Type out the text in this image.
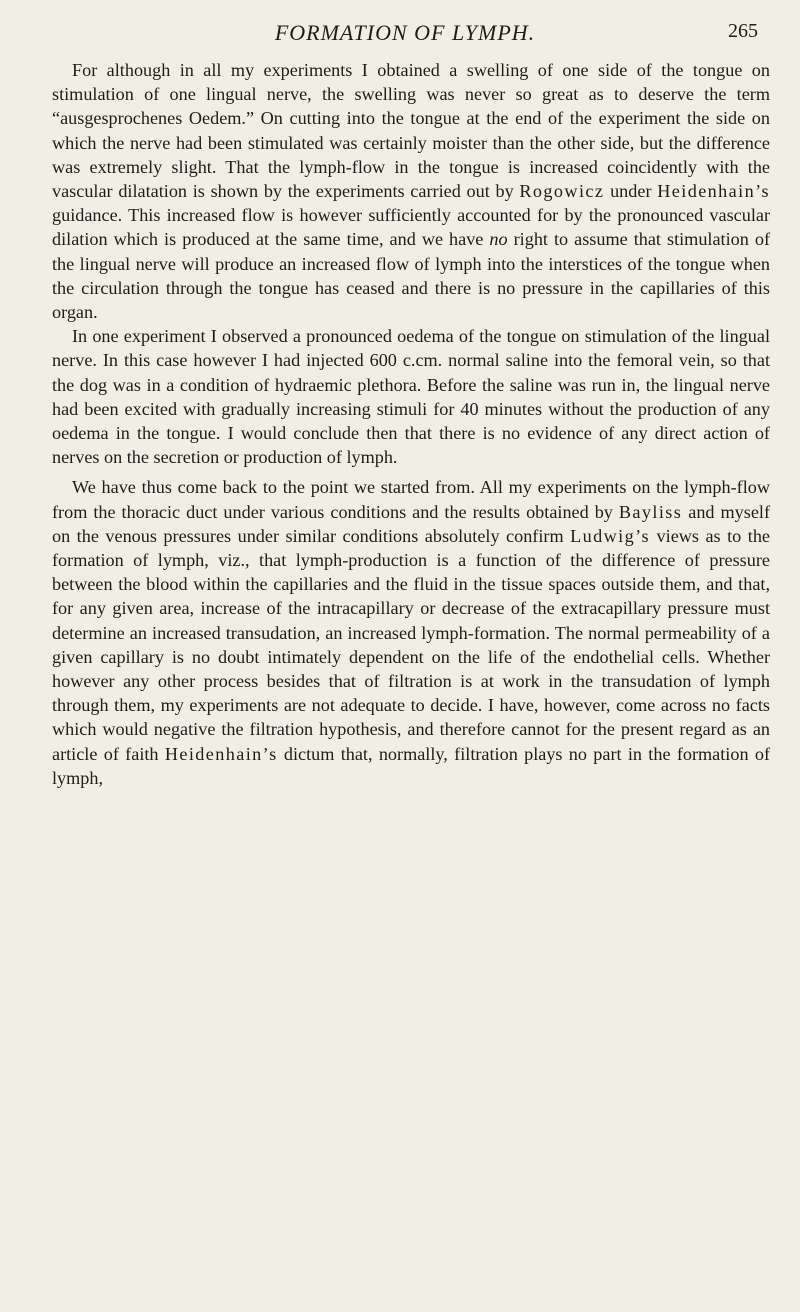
FORMATION OF LYMPH.	265

For although in all my experiments I obtained a swelling of one side of the tongue on stimulation of one lingual nerve, the swelling was never so great as to deserve the term “ausgesprochenes Oedem.” On cutting into the tongue at the end of the experiment the side on which the nerve had been stimulated was certainly moister than the other side, but the difference was extremely slight. That the lymph-flow in the tongue is increased coincidently with the vascular dilatation is shown by the experiments carried out by Rogowicz under Heidenhain’s guidance. This increased flow is however sufficiently accounted for by the pronounced vascular dilation which is produced at the same time, and we have no right to assume that stimulation of the lingual nerve will produce an increased flow of lymph into the interstices of the tongue when the circulation through the tongue has ceased and there is no pressure in the capillaries of this organ.

In one experiment I observed a pronounced oedema of the tongue on stimulation of the lingual nerve. In this case however I had injected 600 c.cm. normal saline into the femoral vein, so that the dog was in a condition of hydraemic plethora. Before the saline was run in, the lingual nerve had been excited with gradually increasing stimuli for 40 minutes without the production of any oedema in the tongue. I would conclude then that there is no evidence of any direct action of nerves on the secretion or production of lymph.

We have thus come back to the point we started from. All my experiments on the lymph-flow from the thoracic duct under various conditions and the results obtained by Bayliss and myself on the venous pressures under similar conditions absolutely confirm Ludwig’s views as to the formation of lymph, viz., that lymph-production is a function of the difference of pressure between the blood within the capillaries and the fluid in the tissue spaces outside them, and that, for any given area, increase of the intracapillary or decrease of the extracapillary pressure must determine an increased transudation, an increased lymph-formation. The normal permeability of a given capillary is no doubt intimately dependent on the life of the endothelial cells. Whether however any other process besides that of filtration is at work in the transudation of lymph through them, my experiments are not adequate to decide. I have, however, come across no facts which would negative the filtration hypothesis, and therefore cannot for the present regard as an article of faith Heidenhain’s dictum that, normally, filtration plays no part in the formation of lymph,
